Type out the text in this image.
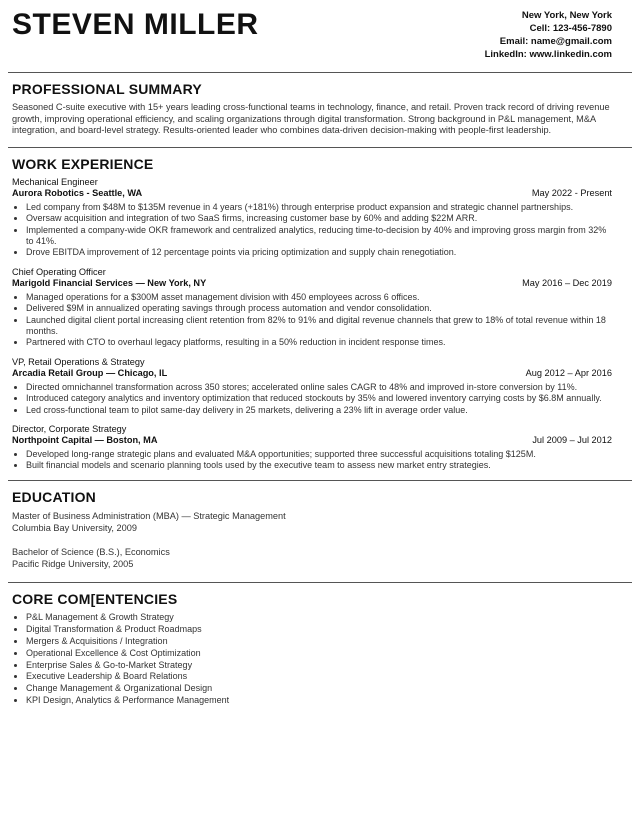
STEVEN MILLER	New York, New York
Cell: 123-456-7890
Email: name@gmail.com
LinkedIn: www.linkedin.com
PROFESSIONAL SUMMARY

Seasoned C-suite executive with 15+ years leading cross-functional teams in technology, finance, and retail. Proven track record of driving revenue growth, improving operational efficiency, and scaling organizations through digital transformation. Strong background in P&L management, M&A integration, and board-level strategy. Results-oriented leader who combines data-driven decision-making with people-first leadership.

WORK EXPERIENCE
Mechanical Engineer
Aurora Robotics - Seattle, WA	May 2022 - Present
• Led company from $48M to $135M revenue in 4 years (+181%) through enterprise product expansion and strategic channel partnerships.
• Oversaw acquisition and integration of two SaaS firms, increasing customer base by 60% and adding $22M ARR.
• Implemented a company-wide OKR framework and centralized analytics, reducing time-to-decision by 40% and improving gross margin from 32% to 41%.
• Drove EBITDA improvement of 12 percentage points via pricing optimization and supply chain renegotiation.
Chief Operating Officer
Marigold Financial Services — New York, NY	May 2016 – Dec 2019
• Managed operations for a $300M asset management division with 450 employees across 6 offices.
• Delivered $9M in annualized operating savings through process automation and vendor consolidation.
• Launched digital client portal increasing client retention from 82% to 91% and digital revenue channels that grew to 18% of total revenue within 18 months.
• Partnered with CTO to overhaul legacy platforms, resulting in a 50% reduction in incident response times.
VP, Retail Operations & Strategy
Arcadia Retail Group — Chicago, IL	Aug 2012 – Apr 2016
• Directed omnichannel transformation across 350 stores; accelerated online sales CAGR to 48% and improved in-store conversion by 11%.
• Introduced category analytics and inventory optimization that reduced stockouts by 35% and lowered inventory carrying costs by $6.8M annually.
• Led cross-functional team to pilot same-day delivery in 25 markets, delivering a 23% lift in average order value.
Director, Corporate Strategy
Northpoint Capital — Boston, MA	Jul 2009 – Jul 2012
• Developed long-range strategic plans and evaluated M&A opportunities; supported three successful acquisitions totaling $125M.
• Built financial models and scenario planning tools used by the executive team to assess new market entry strategies.
EDUCATION
Master of Business Administration (MBA) — Strategic Management
Columbia Bay University, 2009
Bachelor of Science (B.S.), Economics
Pacific Ridge University, 2005
CORE COM[ENTENCIES
• P&L Management & Growth Strategy
• Digital Transformation & Product Roadmaps
• Mergers & Acquisitions / Integration
• Operational Excellence & Cost Optimization
• Enterprise Sales & Go-to-Market Strategy
• Executive Leadership & Board Relations
• Change Management & Organizational Design
• KPI Design, Analytics & Performance Management
